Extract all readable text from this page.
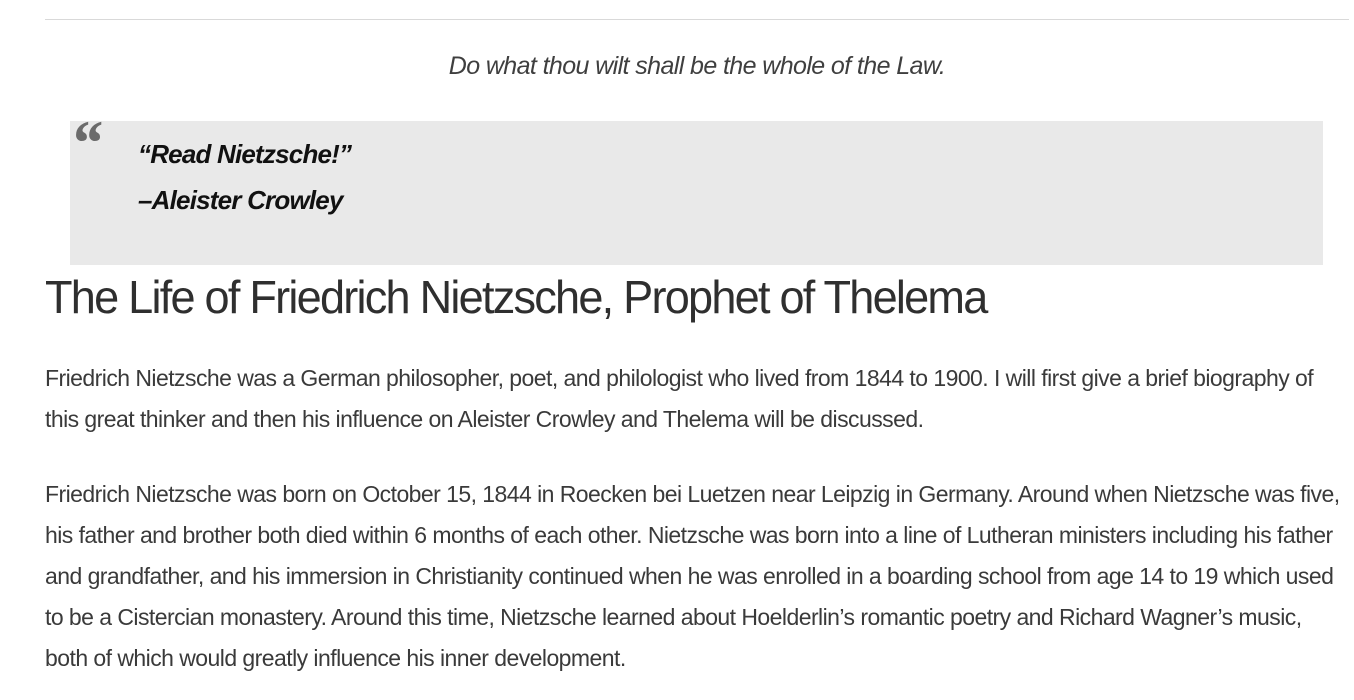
Do what thou wilt shall be the whole of the Law.
“ “Read Nietzsche!”
–Aleister Crowley
The Life of Friedrich Nietzsche, Prophet of Thelema

Friedrich Nietzsche was a German philosopher, poet, and philologist who lived from 1844 to 1900. I will first give a brief biography of this great thinker and then his influence on Aleister Crowley and Thelema will be discussed.

Friedrich Nietzsche was born on October 15, 1844 in Roecken bei Luetzen near Leipzig in Germany. Around when Nietzsche was five, his father and brother both died within 6 months of each other. Nietzsche was born into a line of Lutheran ministers including his father and grandfather, and his immersion in Christianity continued when he was enrolled in a boarding school from age 14 to 19 which used to be a Cistercian monastery. Around this time, Nietzsche learned about Hoelderlin’s romantic poetry and Richard Wagner’s music, both of which would greatly influence his inner development.
